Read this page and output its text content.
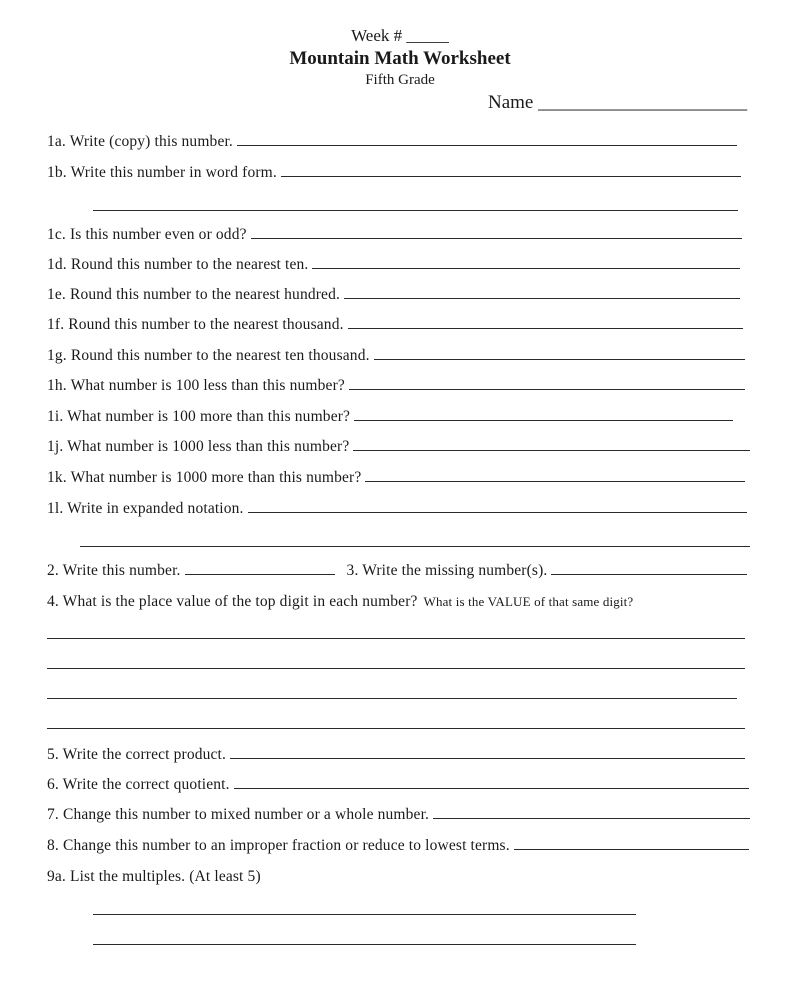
Week # _____
Mountain Math Worksheet
Fifth Grade
Name ______________________
1a. Write (copy) this number.
1b. Write this number in word form.
1c. Is this number even or odd?
1d. Round this number to the nearest ten.
1e. Round this number to the nearest hundred.
1f. Round this number to the nearest thousand.
1g. Round this number to the nearest ten thousand.
1h. What number is 100 less than this number?
1i. What number is 100 more than this number?
1j. What number is 1000 less than this number?
1k. What number is 1000 more than this number?
1l. Write in expanded notation.
2. Write this number.	3. Write the missing number(s).
4. What is the place value of the top digit in each number? What is the VALUE of that same digit?
5. Write the correct product.
6. Write the correct quotient.
7. Change this number to mixed number or a whole number.
8. Change this number to an improper fraction or reduce to lowest terms.
9a. List the multiples. (At least 5)
